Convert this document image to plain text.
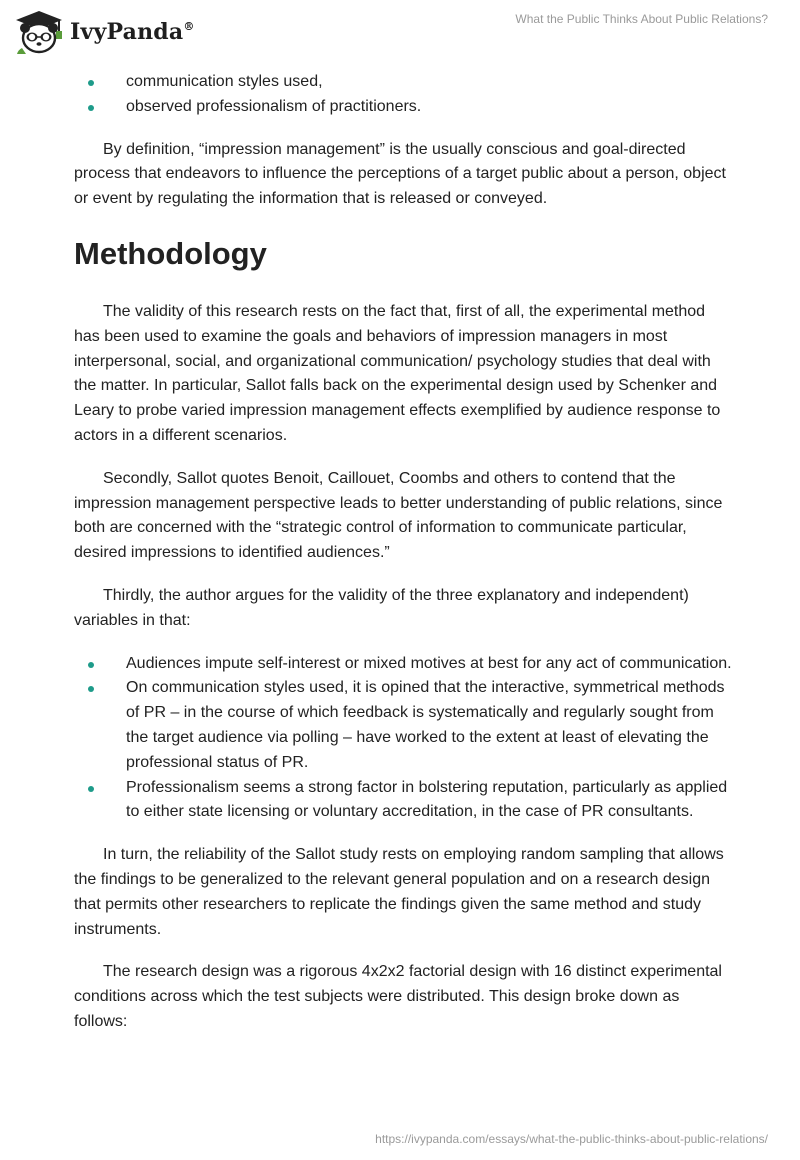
IvyPanda®
What the Public Thinks About Public Relations?
communication styles used,
observed professionalism of practitioners.

By definition, “impression management” is the usually conscious and goal-directed process that endeavors to influence the perceptions of a target public about a person, object or event by regulating the information that is released or conveyed.

Methodology

The validity of this research rests on the fact that, first of all, the experimental method has been used to examine the goals and behaviors of impression managers in most interpersonal, social, and organizational communication/ psychology studies that deal with the matter. In particular, Sallot falls back on the experimental design used by Schenker and Leary to probe varied impression management effects exemplified by audience response to actors in a different scenarios.

Secondly, Sallot quotes Benoit, Caillouet, Coombs and others to contend that the impression management perspective leads to better understanding of public relations, since both are concerned with the “strategic control of information to communicate particular, desired impressions to identified audiences.”

Thirdly, the author argues for the validity of the three explanatory and independent) variables in that:

Audiences impute self-interest or mixed motives at best for any act of communication.
On communication styles used, it is opined that the interactive, symmetrical methods of PR – in the course of which feedback is systematically and regularly sought from the target audience via polling – have worked to the extent at least of elevating the professional status of PR.
Professionalism seems a strong factor in bolstering reputation, particularly as applied to either state licensing or voluntary accreditation, in the case of PR consultants.

In turn, the reliability of the Sallot study rests on employing random sampling that allows the findings to be generalized to the relevant general population and on a research design that permits other researchers to replicate the findings given the same method and study instruments.

The research design was a rigorous 4x2x2 factorial design with 16 distinct experimental conditions across which the test subjects were distributed. This design broke down as follows:

https://ivypanda.com/essays/what-the-public-thinks-about-public-relations/
